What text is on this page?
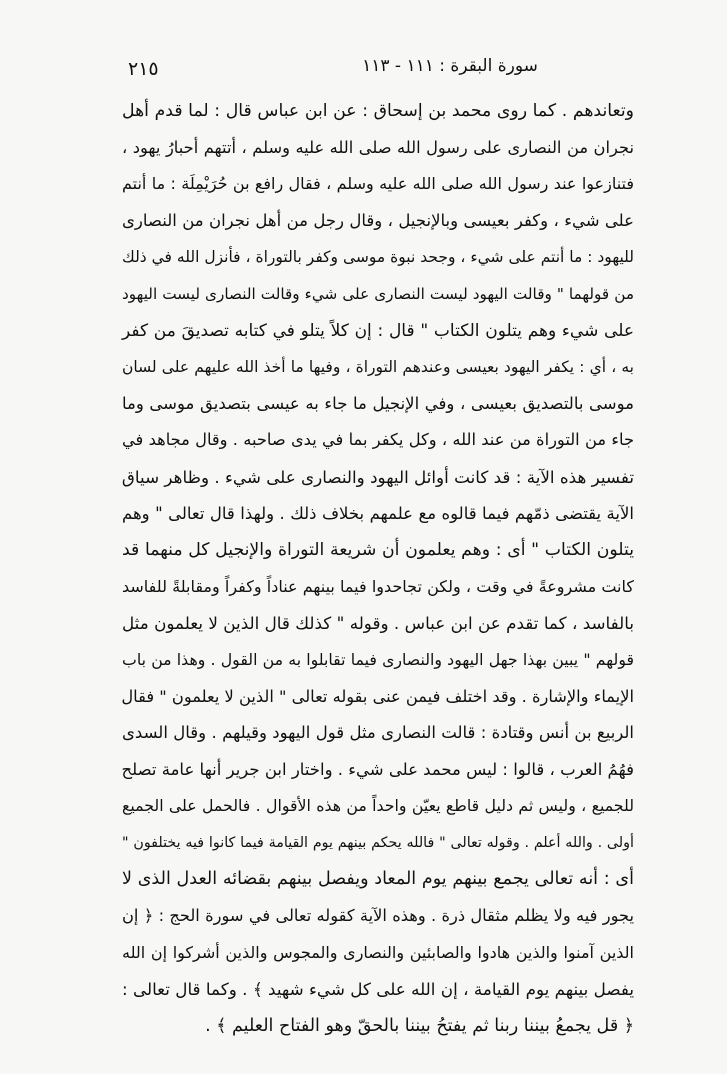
٢١٥	سورة البقرة : ١١١ - ١١٣
وتعاندهم . كما روى محمد بن إسحاق : عن ابن عباس قال : لما قدم أهل
نجران من النصارى على رسول الله صلى الله عليه وسلم ، أتتهم أحبارُ يهود ،
فتنازعوا عند رسول الله صلى الله عليه وسلم ، فقال رافع بن حُرَيْمِلَة : ما أنتم
على شيء ، وكفر بعيسى وبالإنجيل ، وقال رجل من أهل نجران من النصارى
لليهود : ما أنتم على شيء ، وجحد نبوة موسى وكفر بالتوراة ، فأنزل الله في ذلك
من قولهما " وقالت اليهود ليست النصارى على شيء وقالت النصارى ليست اليهود
على شيء وهم يتلون الكتاب " قال : إن كلاً يتلو في كتابه تصديقَ من كفر
به ، أي : يكفر اليهود بعيسى وعندهم التوراة ، وفيها ما أخذ الله عليهم على لسان
موسى بالتصديق بعيسى ، وفي الإنجيل ما جاء به عيسى بتصديق موسى وما
جاء من التوراة من عند الله ، وكل يكفر بما في يدى صاحبه . وقال مجاهد في
تفسير هذه الآية : قد كانت أوائل اليهود والنصارى على شيء . وظاهر سياق
الآية يقتضى ذمّهم فيما قالوه مع علمهم بخلاف ذلك . ولهذا قال تعالى " وهم
يتلون الكتاب " أى : وهم يعلمون أن شريعة التوراة والإنجيل كل منهما قد
كانت مشروعةً في وقت ، ولكن تجاحدوا فيما بينهم عناداً وكفراً ومقابلةً للفاسد
بالفاسد ، كما تقدم عن ابن عباس . وقوله " كذلك قال الذين لا يعلمون مثل
قولهم " يبين بهذا جهل اليهود والنصارى فيما تقابلوا به من القول . وهذا من باب
الإيماء والإشارة . وقد اختلف فيمن عنى بقوله تعالى " الذين لا يعلمون " فقال
الربيع بن أنس وقتادة : قالت النصارى مثل قول اليهود وقيلهم . وقال السدى
فهُمُ العرب ، قالوا : ليس محمد على شيء . واختار ابن جرير أنها عامة تصلح
للجميع ، وليس ثم دليل قاطع يعيّن واحداً من هذه الأقوال . فالحمل على الجميع
أولى . والله أعلم . وقوله تعالى " فالله يحكم بينهم يوم القيامة فيما كانوا فيه يختلفون "
أى : أنه تعالى يجمع بينهم يوم المعاد ويفصل بينهم بقضائه العدل الذى لا
يجور فيه ولا يظلم مثقال ذرة . وهذه الآية كقوله تعالى في سورة الحج : ﴿ إن
الذين آمنوا والذين هادوا والصابئين والنصارى والمجوس والذين أشركوا إن الله
يفصل بينهم يوم القيامة ، إن الله على كل شيء شهيد ﴾ . وكما قال تعالى :
﴿ قل يجمعُ بيننا ربنا ثم يفتحُ بيننا بالحقّ وهو الفتاح العليم ﴾ .
